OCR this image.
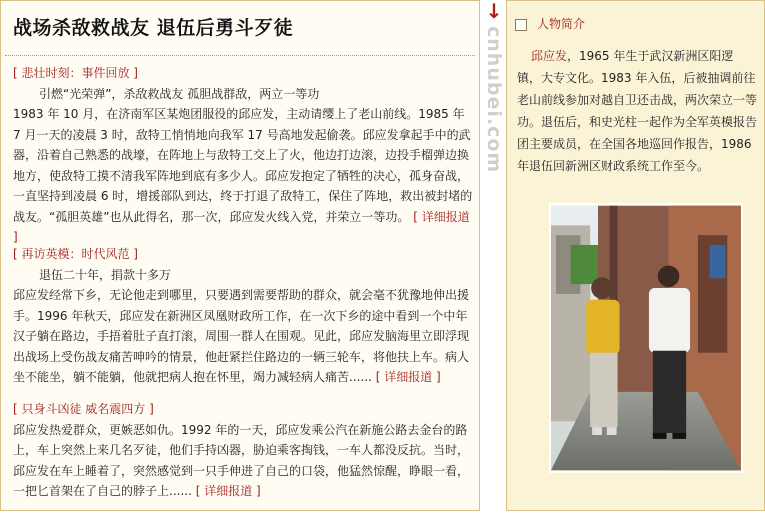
战场杀敌救战友 退伍后勇斗歹徒
[ 悲壮时刻：事件回放 ]
引燃“光荣弹”，杀敌救战友 孤胆战群敌，两立一等功
1983 年 10 月，在济南军区某炮团服役的邱应发，主动请缨上了老山前线。1985 年 7 月一天的凌晨 3 时，敌特工悄悄地向我军 17 号高地发起偷袭。邱应发拿起手中的武器，沿着自己熟悉的战壕，在阵地上与敌特工交上了火，他边打边滚，边投手榴弹边换地方，使敌特工摸不清我军阵地到底有多少人。邱应发抱定了牺牲的决心，孤身奋战，一直坚持到凌晨 6 时，增援部队到达，终于打退了敌特工，保住了阵地，救出被封堵的战友。“孤胆英雄”也从此得名，那一次，邱应发火线入党，并荣立一等功。 [ 详细报道 ]
[ 再访英模：时代风范 ]
退伍二十年，捐款十多万
邱应发经常下乡，无论他走到哪里，只要遇到需要帮助的群众，就会毫不犹豫地伸出援手。1996 年秋天，邱应发在新洲区凤凰财政所工作，在一次下乡的途中看到一个中年汉子躺在路边，手捂着肚子直打滚，周围一群人在围观。见此，邱应发脑海里立即浮现出战场上受伤战友痛苦呻吟的情景，他赶紧拦住路边的一辆三轮车，将他扶上车。病人坐不能坐，躺不能躺，他就把病人抱在怀里，竭力减轻病人痛苦...... [ 详细报道 ]
[ 只身斗凶徒 威名震四方 ]
邱应发热爱群众，更嫉恶如仇。1992 年的一天，邱应发乘公汽在新施公路去金台的路上，车上突然上来几名歹徒，他们手持凶器，胁迫乘客掏钱，一车人都没反抗。当时，邱应发在车上睡着了，突然感觉到一只手伸进了自己的口袋，他猛然惊醒，睁眼一看，一把匕首架在了自己的脖子上...... [ 详细报道 ]
↓
cnhubei.com
人物简介
邱应发，1965 年生于武汉新洲区阳逻镇，大专文化。1983 年入伍，后被抽调前往老山前线参加对越自卫还击战，两次荣立一等功。退伍后，和史光柱一起作为全军英模报告团主要成员，在全国各地巡回作报告，1986 年退伍回新洲区财政系统工作至今。
